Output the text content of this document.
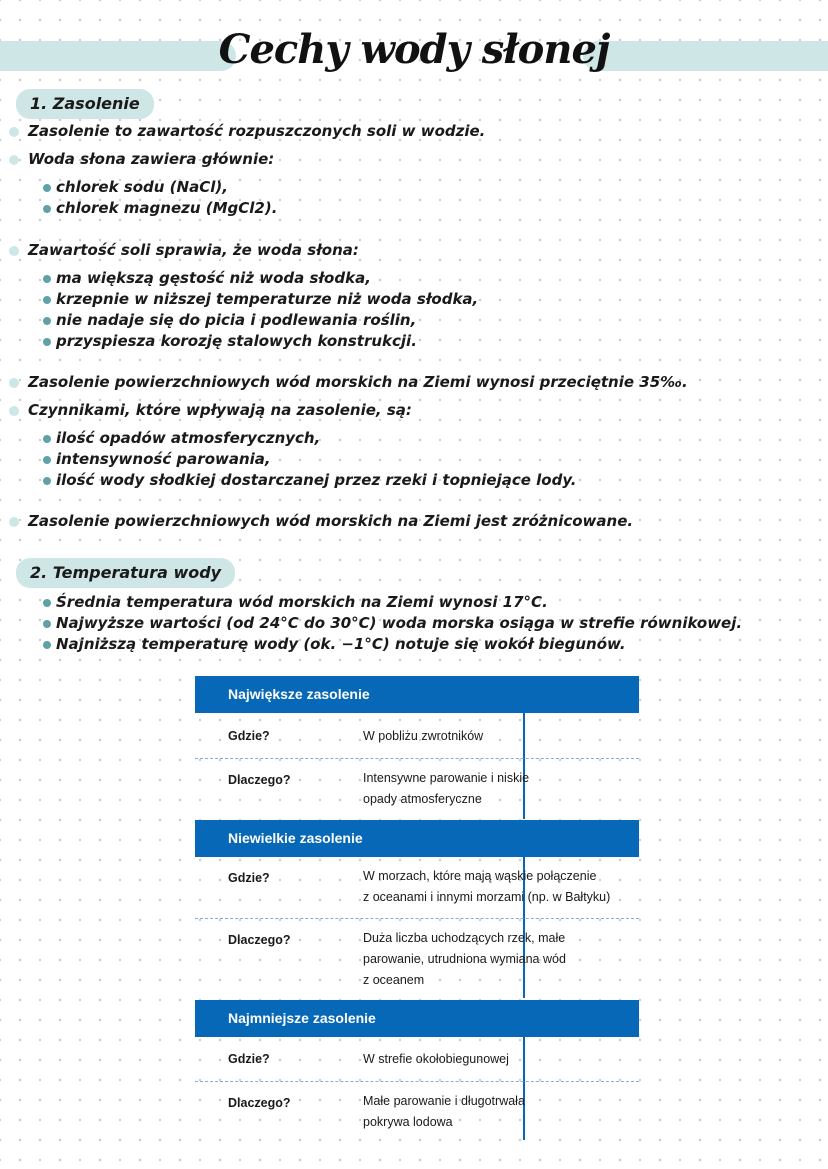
Cechy wody słonej
1. Zasolenie
Zasolenie to zawartość rozpuszczonych soli w wodzie.
Woda słona zawiera głównie:
chlorek sodu (NaCl),
chlorek magnezu (MgCl2).
Zawartość soli sprawia, że woda słona:
ma większą gęstość niż woda słodka,
krzepnie w niższej temperaturze niż woda słodka,
nie nadaje się do picia i podlewania roślin,
przyspiesza korozję stalowych konstrukcji.
Zasolenie powierzchniowych wód morskich na Ziemi wynosi przeciętnie 35‰.
Czynnikami, które wpływają na zasolenie, są:
ilość opadów atmosferycznych,
intensywność parowania,
ilość wody słodkiej dostarczanej przez rzeki i topniejące lody.
Zasolenie powierzchniowych wód morskich na Ziemi jest zróżnicowane.
2. Temperatura wody
Średnia temperatura wód morskich na Ziemi wynosi 17°C.
Najwyższe wartości (od 24°C do 30°C) woda morska osiąga w strefie równikowej.
Najniższą temperaturę wody (ok. −1°C) notuje się wokół biegunów.
Największe zasolenie
Gdzie?	W pobliżu zwrotników
Dlaczego?	Intensywne parowanie i niskie
opady atmosferyczne
Niewielkie zasolenie
Gdzie?	W morzach, które mają wąskie połączenie
z oceanami i innymi morzami (np. w Bałtyku)
Dlaczego?	Duża liczba uchodzących rzek, małe
parowanie, utrudniona wymiana wód
z oceanem
Najmniejsze zasolenie
Gdzie?	W strefie okołobiegunowej
Dlaczego?	Małe parowanie i długotrwała
pokrywa lodowa
